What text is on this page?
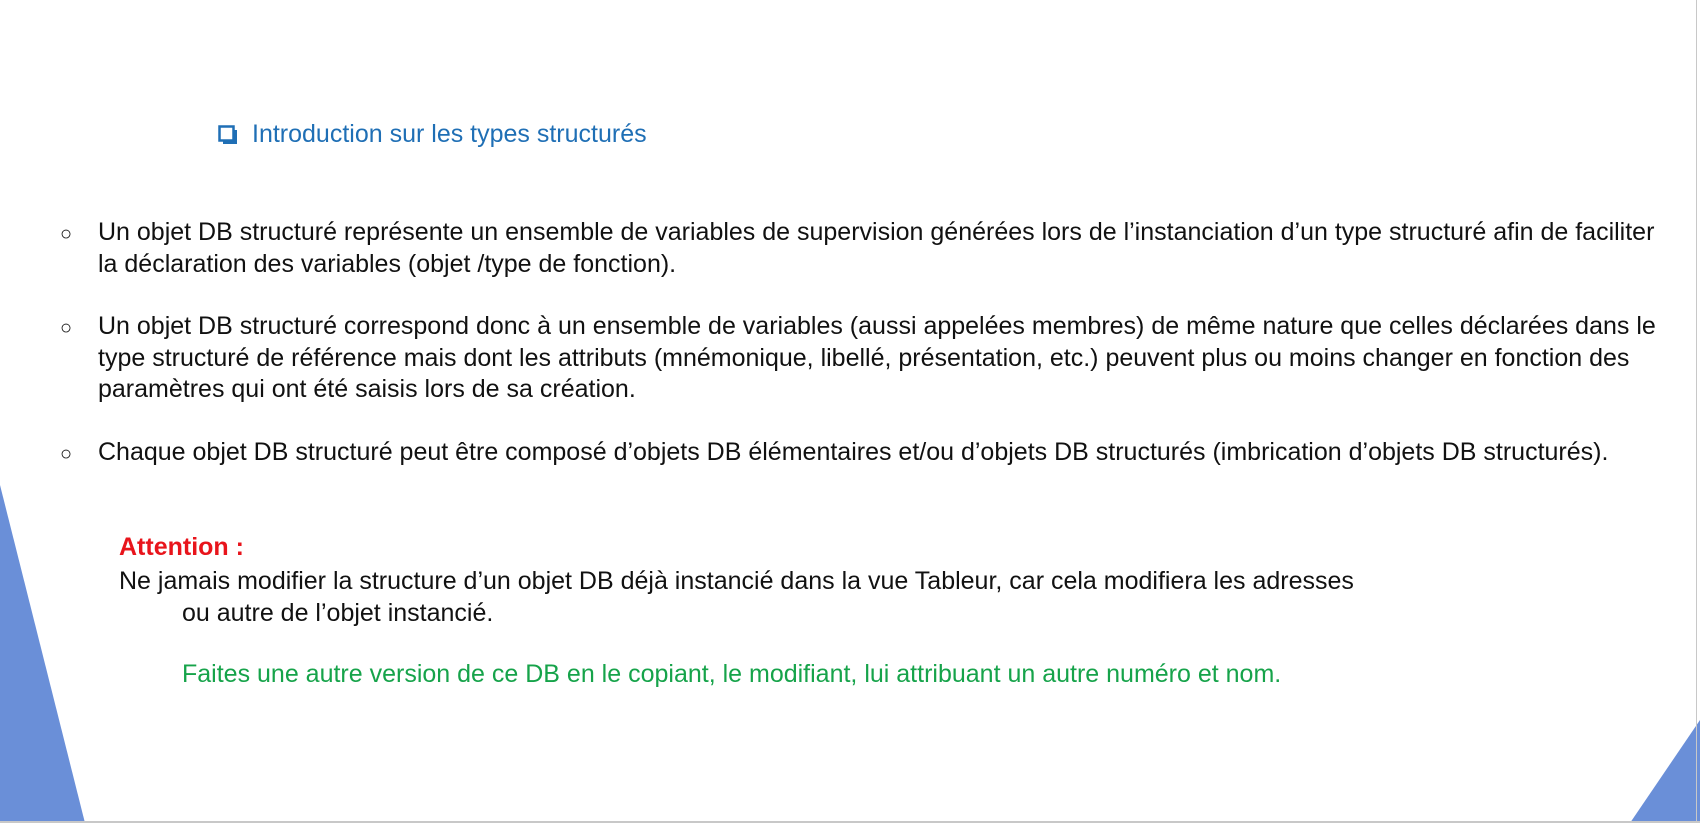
Introduction sur les types structurés
○	Un objet DB structuré représente un ensemble de variables de supervision générées lors de l’instanciation d’un type structuré afin de faciliter la déclaration des variables (objet /type de fonction).
○	Un objet DB structuré correspond donc à un ensemble de variables (aussi appelées membres) de même nature que celles déclarées dans le type structuré de référence mais dont les attributs (mnémonique, libellé, présentation, etc.) peuvent plus ou moins changer en fonction des paramètres qui ont été saisis lors de sa création.
○	Chaque objet DB structuré peut être composé d’objets DB élémentaires et/ou d’objets DB structurés (imbrication d’objets DB structurés).
Attention :
Ne jamais modifier la structure d’un objet DB déjà instancié dans la vue Tableur, car cela modifiera les adresses
ou autre de l’objet instancié.
Faites une autre version de ce DB en le copiant, le modifiant, lui attribuant un autre numéro et nom.
